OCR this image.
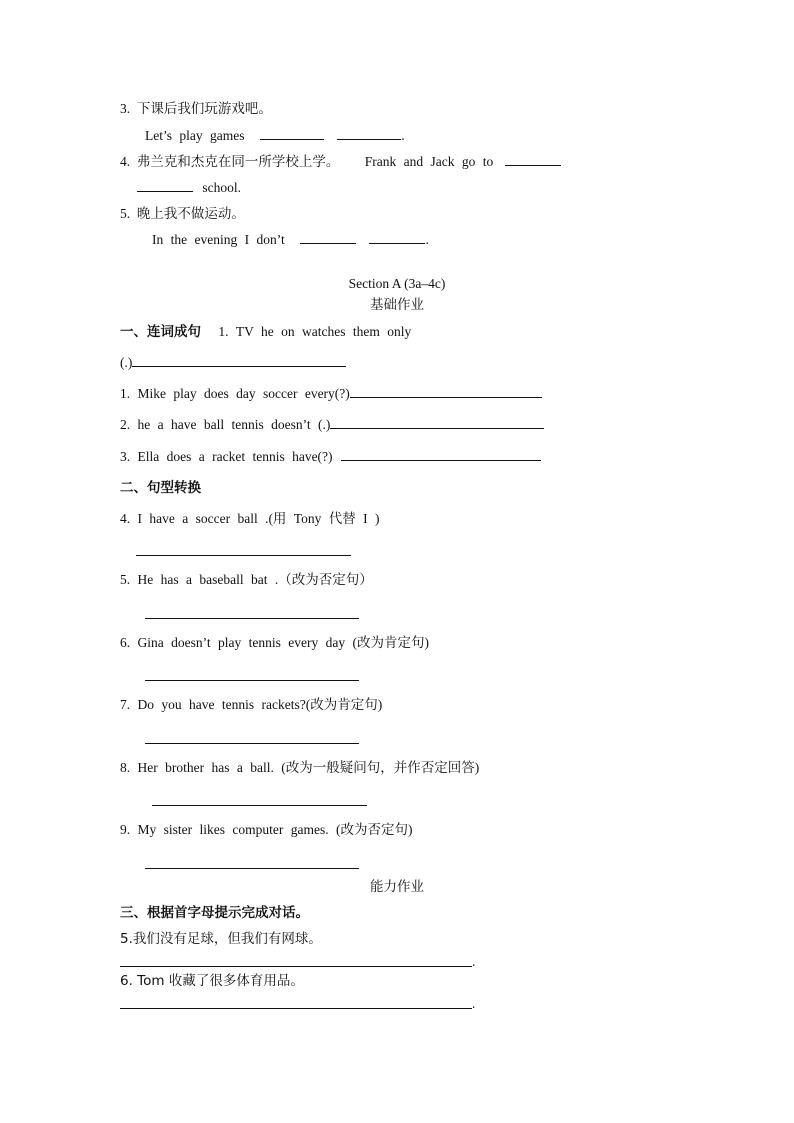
3. 下课后我们玩游戏吧。
Let’s play games	.
4. 弗兰克和杰克在同一所学校上学。 Frank and Jack go to
school.
5. 晚上我不做运动。
In the evening I don’t	.
Section A (3a–4c)
基础作业
一、连词成句 1. TV he on watches them only
(.)
1. Mike play does day soccer every(?)
2. he a have ball tennis doesn’t (.)
3. Ella does a racket tennis have(?)
二、句型转换
4. I have a soccer ball .(用 Tony 代替 I )
5. He has a baseball bat .（改为否定句）
6. Gina doesn’t play tennis every day (改为肯定句)
7. Do you have tennis rackets?(改为肯定句)
8. Her brother has a ball. (改为一般疑问句，并作否定回答)
9. My sister likes computer games. (改为否定句)
能力作业
三、根据首字母提示完成对话。
5.我们没有足球，但我们有网球。
.
6. Tom 收藏了很多体育用品。
.
